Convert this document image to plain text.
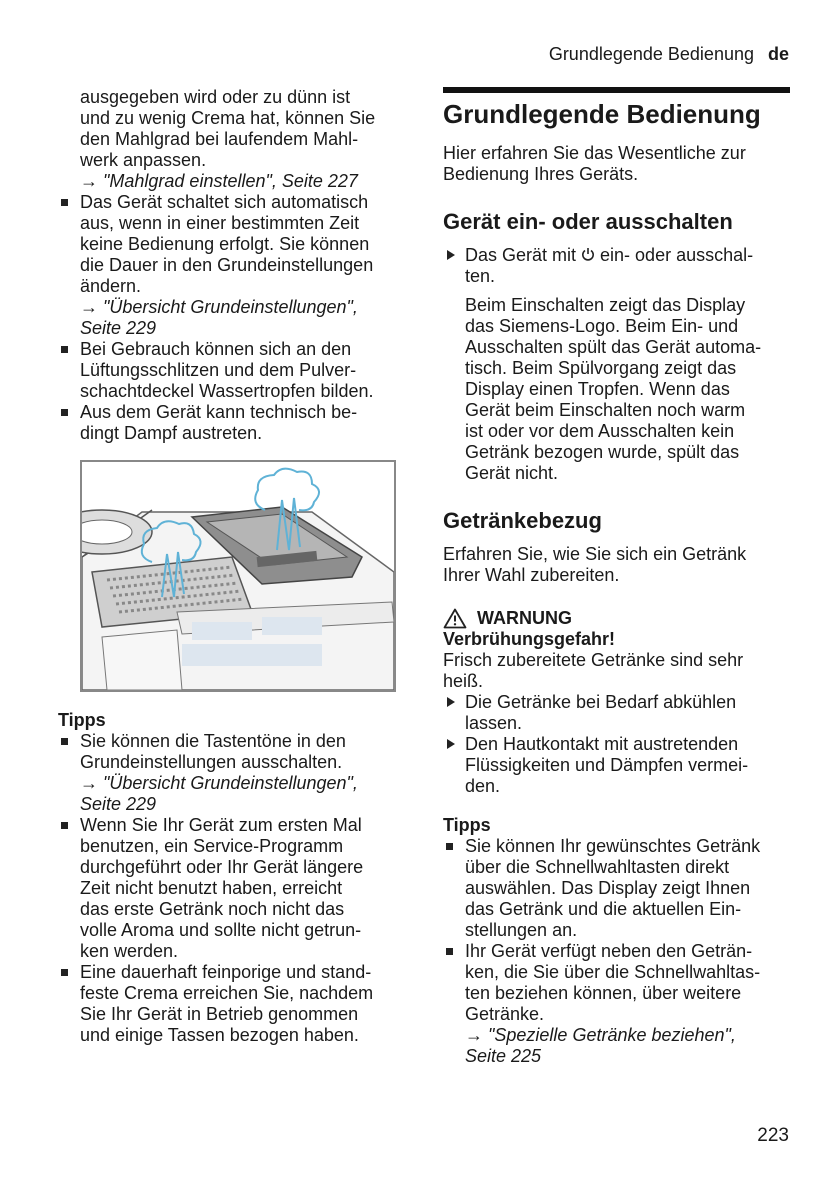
Grundlegende Bedienung de
ausgegeben wird oder zu dünn ist
und zu wenig Crema hat, können Sie
den Mahlgrad bei laufendem Mahl-
werk anpassen.
→ "Mahlgrad einstellen", Seite 227
Das Gerät schaltet sich automatisch
aus, wenn in einer bestimmten Zeit
keine Bedienung erfolgt. Sie können
die Dauer in den Grundeinstellungen
ändern.
→ "Übersicht Grundeinstellungen",
Seite 229
Bei Gebrauch können sich an den
Lüftungsschlitzen und dem Pulver-
schachtdeckel Wassertropfen bilden.
Aus dem Gerät kann technisch be-
dingt Dampf austreten.
Tipps
Sie können die Tastentöne in den
Grundeinstellungen ausschalten.
→ "Übersicht Grundeinstellungen",
Seite 229
Wenn Sie Ihr Gerät zum ersten Mal
benutzen, ein Service-Programm
durchgeführt oder Ihr Gerät längere
Zeit nicht benutzt haben, erreicht
das erste Getränk noch nicht das
volle Aroma und sollte nicht getrun-
ken werden.
Eine dauerhaft feinporige und stand-
feste Crema erreichen Sie, nachdem
Sie Ihr Gerät in Betrieb genommen
und einige Tassen bezogen haben.
Grundlegende Bedienung
Hier erfahren Sie das Wesentliche zur
Bedienung Ihres Geräts.
Gerät ein- oder ausschalten
Das Gerät mit  ein- oder ausschal-
ten.
Beim Einschalten zeigt das Display
das Siemens-Logo. Beim Ein- und
Ausschalten spült das Gerät automa-
tisch. Beim Spülvorgang zeigt das
Display einen Tropfen. Wenn das
Gerät beim Einschalten noch warm
ist oder vor dem Ausschalten kein
Getränk bezogen wurde, spült das
Gerät nicht.
Getränkebezug
Erfahren Sie, wie Sie sich ein Getränk
Ihrer Wahl zubereiten.
WARNUNG
Verbrühungsgefahr!
Frisch zubereitete Getränke sind sehr
heiß.
Die Getränke bei Bedarf abkühlen
lassen.
Den Hautkontakt mit austretenden
Flüssigkeiten und Dämpfen vermei-
den.
Tipps
Sie können Ihr gewünschtes Getränk
über die Schnellwahltasten direkt
auswählen. Das Display zeigt Ihnen
das Getränk und die aktuellen Ein-
stellungen an.
Ihr Gerät verfügt neben den Geträn-
ken, die Sie über die Schnellwahltas-
ten beziehen können, über weitere
Getränke.
→ "Spezielle Getränke beziehen",
Seite 225
223
